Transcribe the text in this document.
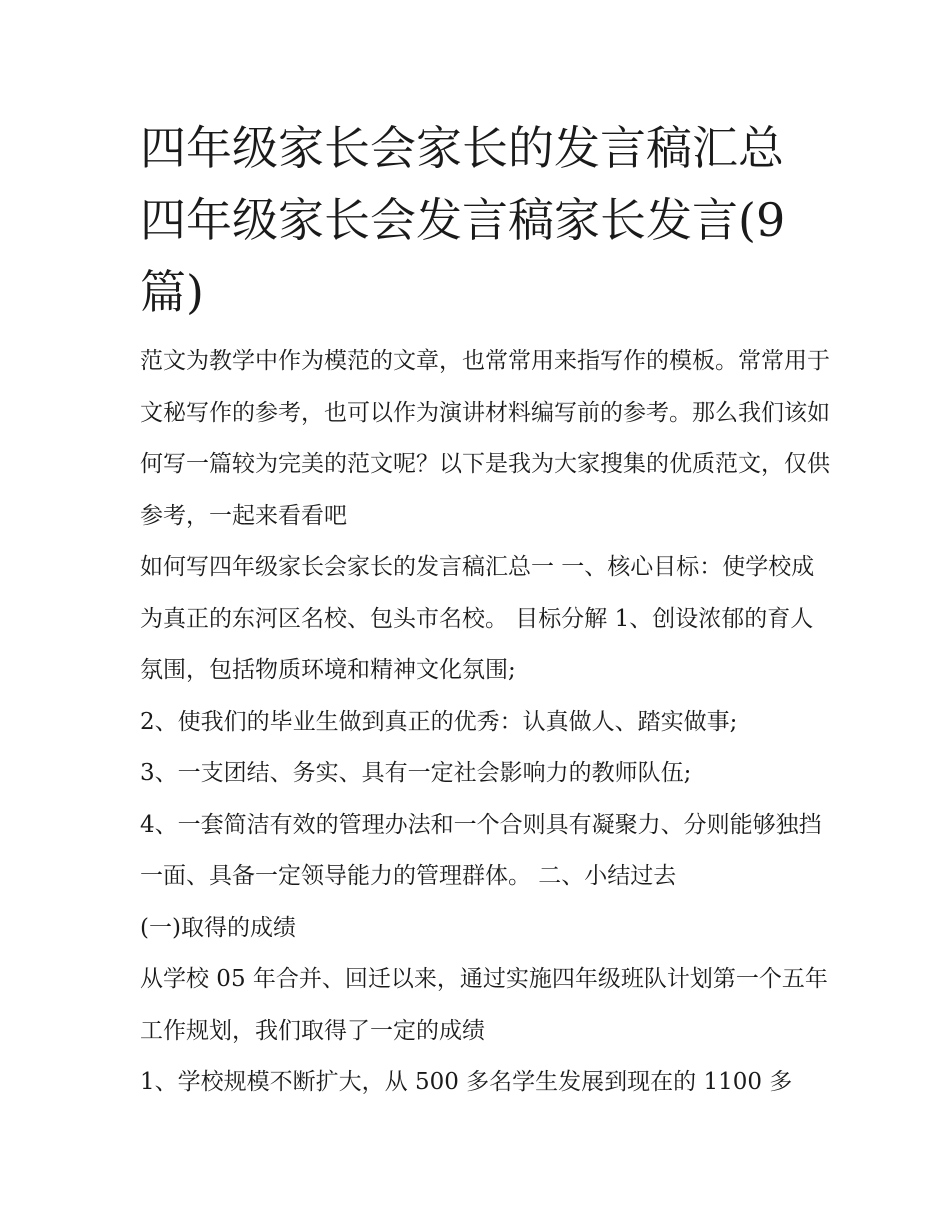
四年级家长会家长的发言稿汇总 四年级家长会发言稿家长发言(9篇)

范文为教学中作为模范的文章，也常常用来指写作的模板。常常用于文秘写作的参考，也可以作为演讲材料编写前的参考。那么我们该如何写一篇较为完美的范文呢？以下是我为大家搜集的优质范文，仅供参考，一起来看看吧

如何写四年级家长会家长的发言稿汇总一 一、核心目标：使学校成为真正的东河区名校、包头市名校。 目标分解 1、创设浓郁的育人氛围，包括物质环境和精神文化氛围;

2、使我们的毕业生做到真正的优秀：认真做人、踏实做事;

3、一支团结、务实、具有一定社会影响力的教师队伍;

4、一套简洁有效的管理办法和一个合则具有凝聚力、分则能够独挡一面、具备一定领导能力的管理群体。 二、小结过去

(一)取得的成绩

从学校 05 年合并、回迁以来，通过实施四年级班队计划第一个五年工作规划，我们取得了一定的成绩

1、学校规模不断扩大，从 500 多名学生发展到现在的 1100 多
